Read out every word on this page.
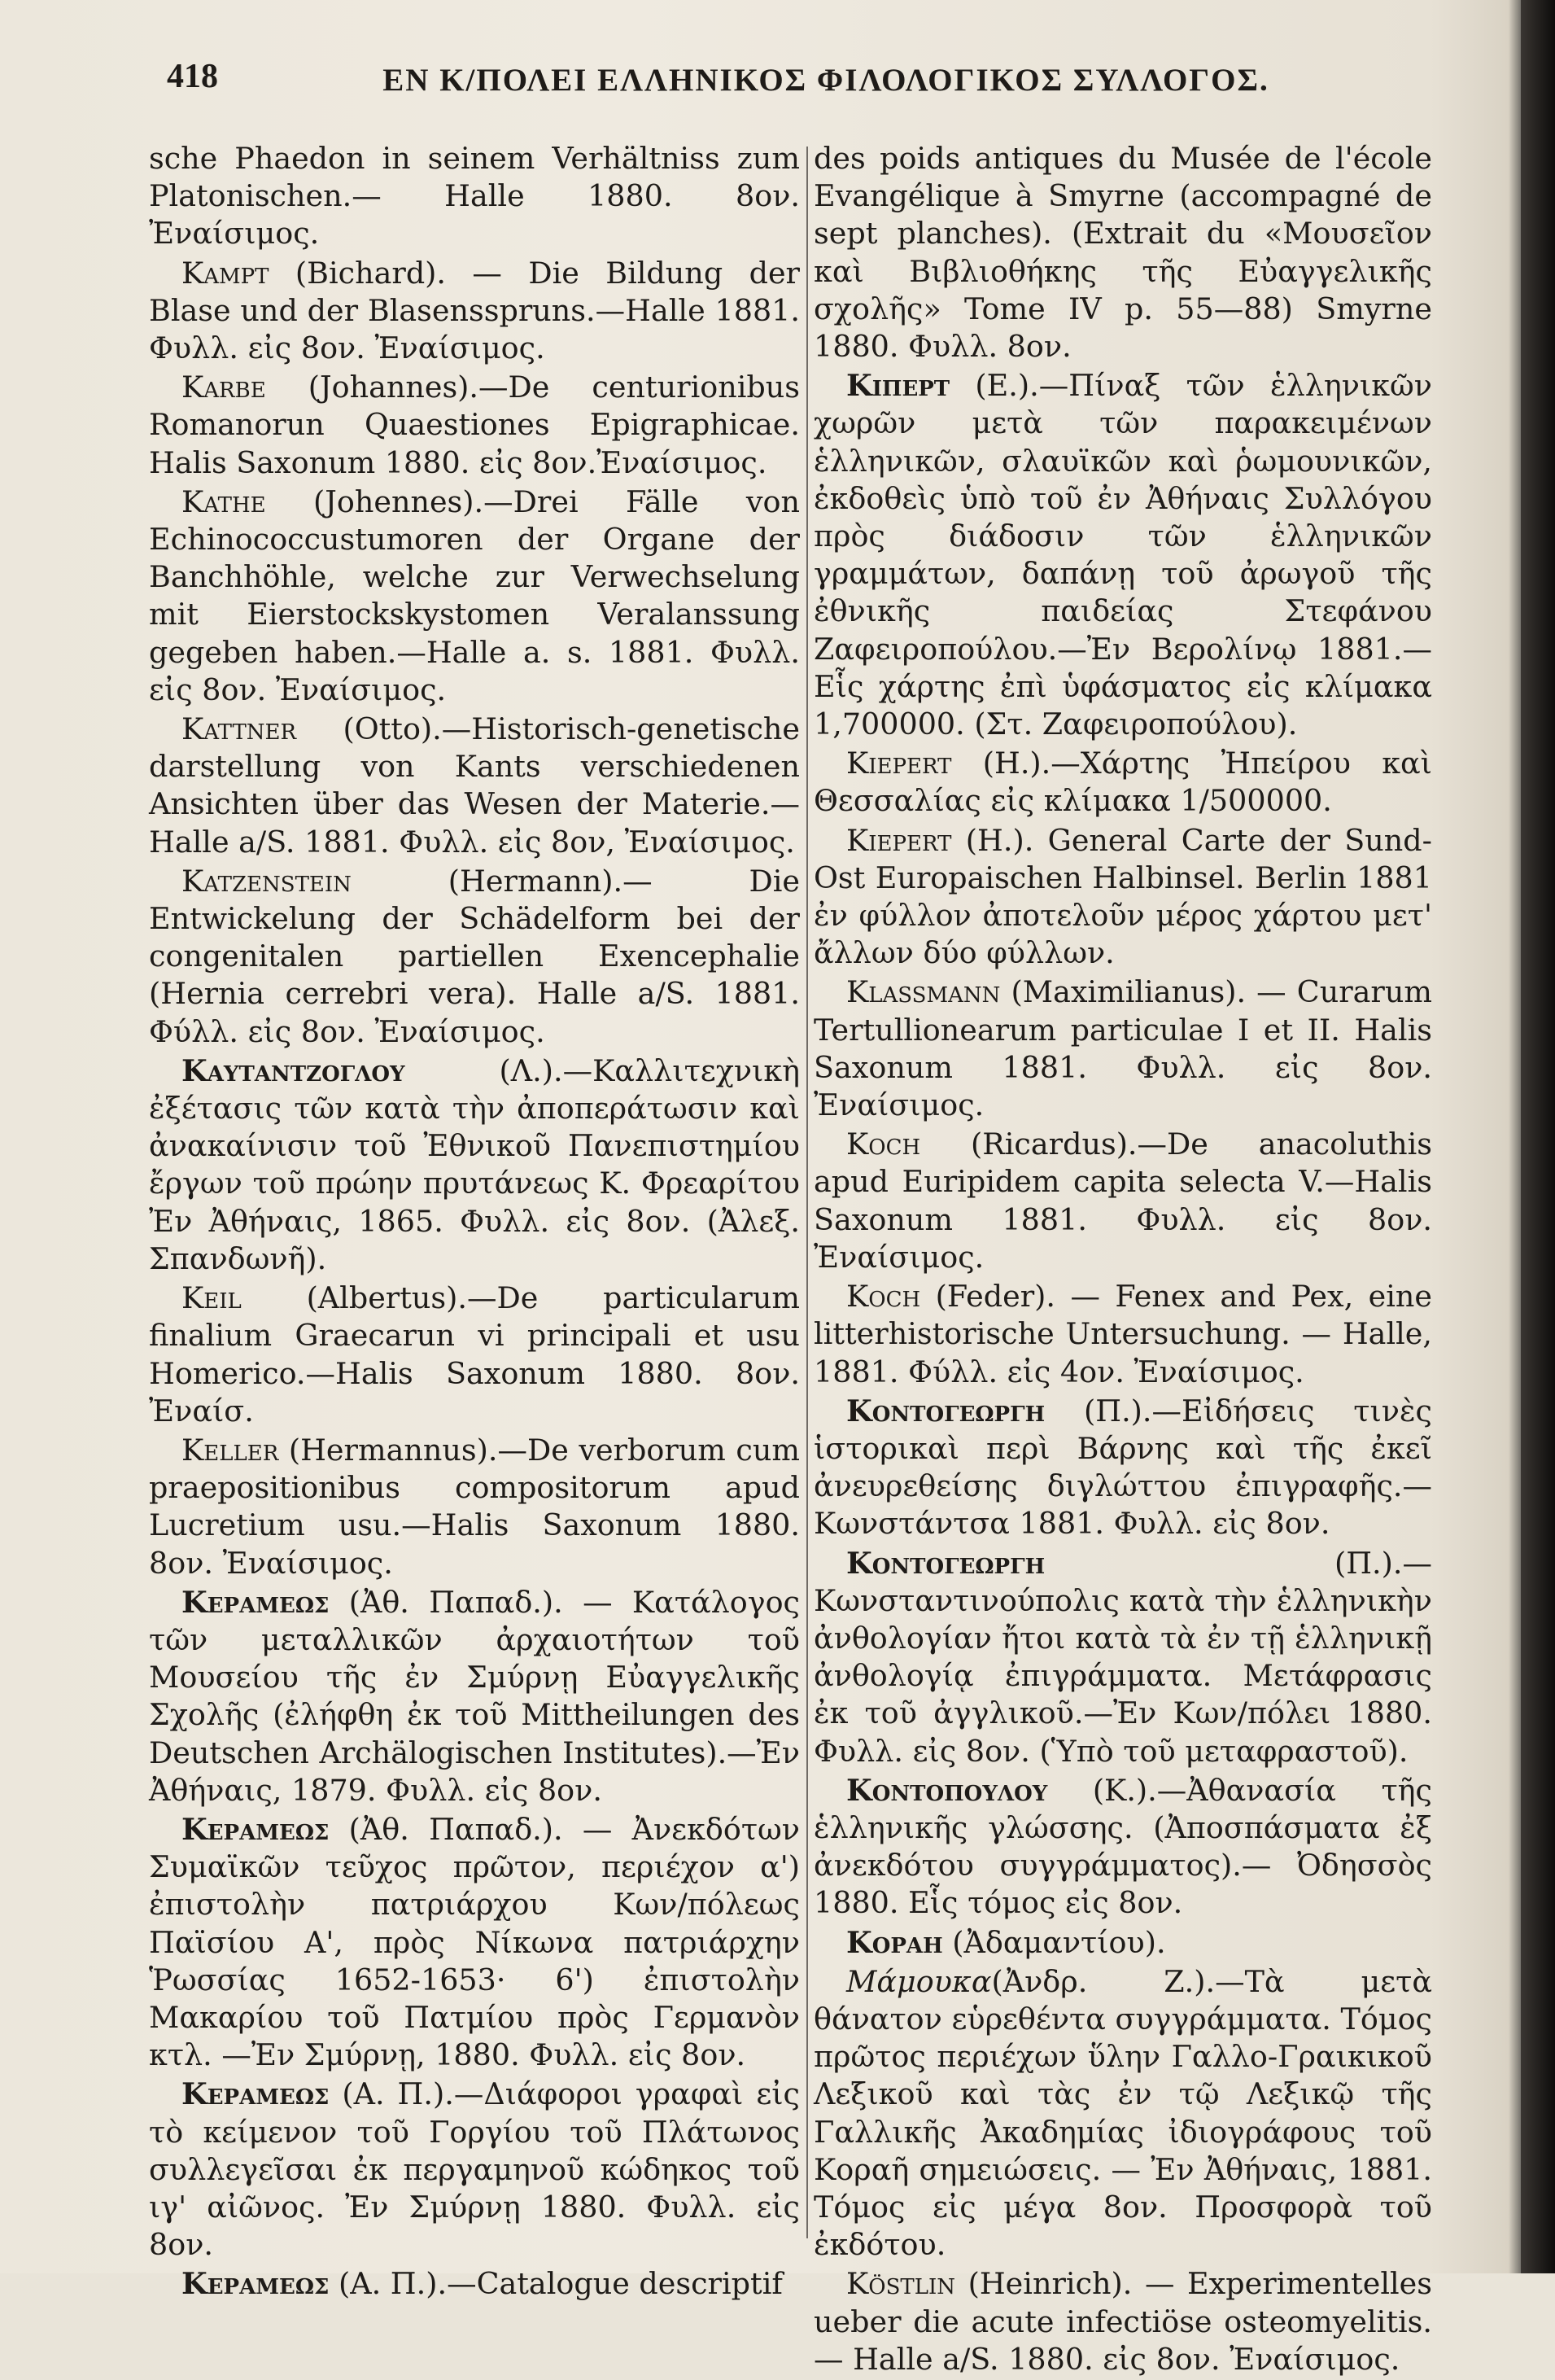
418	ΕΝ Κ/ΠΟΛΕΙ ΕΛΛΗΝΙΚΟΣ ΦΙΛΟΛΟΓΙΚΟΣ ΣΥΛΛΟΓΟΣ.

sche Phaedon in seinem Verhältniss zum Platonischen.— Halle 1880. 8ον. Ἐναίσιμος.

Kampt (Bichard). — Die Bildung der Blase und der Blasensspruns.—Halle 1881. Φυλλ. εἰς 8ον. Ἐναίσιμος.

Karbe (Johannes).—De centurionibus Romanorun Quaestiones Epigraphicae. Halis Saxonum 1880. εἰς 8ον.Ἐναίσιμος.

Kathe (Johennes).—Drei Fälle von Echinococcustumoren der Organe der Banchhöhle, welche zur Verwechselung mit Eierstockskystomen Veralanssung gegeben haben.—Halle a. s. 1881. Φυλλ. εἰς 8ον. Ἐναίσιμος.

Kattner (Otto).—Historisch-genetische darstellung von Kants verschiedenen Ansichten über das Wesen der Materie.—Halle a/S. 1881. Φυλλ. εἰς 8ον, Ἐναίσιμος.

Katzenstein (Hermann).— Die Entwickelung der Schädelform bei der congenitalen partiellen Exencephalie (Hernia cerrebri vera). Halle a/S. 1881. Φύλλ. εἰς 8ον. Ἐναίσιμος.

Καυτανtζογλου (Λ.).—Καλλιτεχνικὴ ἐξέτασις τῶν κατὰ τὴν ἀποπεράτωσιν καὶ ἀνακαίνισιν τοῦ Ἐθνικοῦ Πανεπιστημίου ἔργων τοῦ πρώην πρυτάνεως Κ. Φρεαρίτου Ἐν Ἀθήναις, 1865. Φυλλ. εἰς 8ον. (Ἀλεξ. Σπανδωνῆ).

Keil (Albertus).—De particularum finalium Graecarun vi principali et usu Homerico.—Halis Saxonum 1880. 8ον. Ἐναίσ.

Keller (Hermannus).—De verborum cum praepositionibus compositorum apud Lucretium usu.—Halis Saxonum 1880. 8ον. Ἐναίσιμος.

Κεραμεως (Ἀθ. Παπαδ.). — Κατάλογος τῶν μεταλλικῶν ἀρχαιοτήτων τοῦ Μουσείου τῆς ἐν Σμύρνῃ Εὐαγγελικῆς Σχολῆς (ἐλήφθη ἐκ τοῦ Mittheilungen des Deutschen Archälogischen Institutes).—Ἐν Ἀθήναις, 1879. Φυλλ. εἰς 8ον.

Κεραμεως (Ἀθ. Παπαδ.). — Ἀνεκδότων Συμαϊκῶν τεῦχος πρῶτον, περιέχον α') ἐπιστολὴν πατριάρχου Κων/πόλεως Παϊσίου Α', πρὸς Νίκωνα πατριάρχην Ῥωσσίας 1652-1653· 6') ἐπιστολὴν Μακαρίου τοῦ Πατμίου πρὸς Γερμανὸν κτλ. —Ἐν Σμύρνῃ, 1880. Φυλλ. εἰς 8ον.

Κεραμεως (Α. Π.).—Διάφοροι γραφαὶ εἰς τὸ κείμενον τοῦ Γοργίου τοῦ Πλάτωνος συλλεγεῖσαι ἐκ περγαμηνοῦ κώδηκος τοῦ ιγ' αἰῶνος. Ἐν Σμύρνῃ 1880. Φυλλ. εἰς 8ον.

Κεραμεως (Α. Π.).—Catalogue descriptif

des poids antiques du Musée de l'école Evangélique à Smyrne (accompagné de sept planches). (Extrait du «Μουσεῖον καὶ Βιβλιοθήκης τῆς Εὐαγγελικῆς σχολῆς» Tome IV p. 55—88) Smyrne 1880. Φυλλ. 8ον.

Κιπερτ (Ε.).—Πίναξ τῶν ἑλληνικῶν χωρῶν μετὰ τῶν παρακειμένων ἑλληνικῶν, σλαυϊκῶν καὶ ῥωμουνικῶν, ἐκδοθεὶς ὑπὸ τοῦ ἐν Ἀθήναις Συλλόγου πρὸς διάδοσιν τῶν ἑλληνικῶν γραμμάτων, δαπάνῃ τοῦ ἀρωγοῦ τῆς ἐθνικῆς παιδείας Στεφάνου Ζαφειροπούλου.—Ἐν Βερολίνῳ 1881.—Εἷς χάρτης ἐπὶ ὑφάσματος εἰς κλίμακα 1,700000. (Στ. Ζαφειροπούλου).

Kiepert (Η.).—Χάρτης Ἠπείρου καὶ Θεσσαλίας εἰς κλίμακα 1/500000.

Kiepert (H.). General Carte der Sund-Ost Europaischen Halbinsel. Berlin 1881 ἐν φύλλον ἀποτελοῦν μέρος χάρτου μετ' ἄλλων δύο φύλλων.

Klassmann (Maximilianus). — Curarum Tertullionearum particulae I et II. Halis Saxonum 1881. Φυλλ. εἰς 8ον. Ἐναίσιμος.

Koch (Ricardus).—De anacoluthis apud Euripidem capita selecta V.—Halis Saxonum 1881. Φυλλ. εἰς 8ον. Ἐναίσιμος.

Koch (Feder). — Fenex and Pex, eine litterhistorische Untersuchung. — Halle, 1881. Φύλλ. εἰς 4ον. Ἐναίσιμος.

Κοντογεωργη (Π.).—Εἰδήσεις τινὲς ἱστορικαὶ περὶ Βάρνης καὶ τῆς ἐκεῖ ἀνευρεθείσης διγλώττου ἐπιγραφῆς.— Κωνστάντσα 1881. Φυλλ. εἰς 8ον.

Κοντογεωργη (Π.).—Κωνσταντινούπολις κατὰ τὴν ἑλληνικὴν ἀνθολογίαν ἤτοι κατὰ τὰ ἐν τῇ ἑλληνικῇ ἀνθολογίᾳ ἐπιγράμματα. Μετάφρασις ἐκ τοῦ ἀγγλικοῦ.—Ἐν Κων/πόλει 1880. Φυλλ. εἰς 8ον. (Ὑπὸ τοῦ μεταφραστοῦ).

Κοντοπουλου (Κ.).—Ἀθανασία τῆς ἑλληνικῆς γλώσσης. (Ἀποσπάσματα ἐξ ἀνεκδότου συγγράμματος).— Ὀδησσὸς 1880. Εἷς τόμος εἰς 8ον.

Κοραη (Ἀδαμαντίου).

Μάμουκα(Ἀνδρ. Ζ.).—Τὰ μετὰ θάνατον εὑρεθέντα συγγράμματα. Τόμος πρῶτος περιέχων ὕλην Γαλλο-Γραικικοῦ Λεξικοῦ καὶ τὰς ἐν τῷ Λεξικῷ τῆς Γαλλικῆς Ἀκαδημίας ἰδιογράφους τοῦ Κοραῆ σημειώσεις. — Ἐν Ἀθήναις, 1881. Τόμος εἰς μέγα 8ον. Προσφορὰ τοῦ ἐκδότου.

Köstlin (Heinrich). — Experimentelles ueber die acute infectiöse osteomyelitis.— Halle a/S. 1880. εἰς 8ον. Ἐναίσιμος.
